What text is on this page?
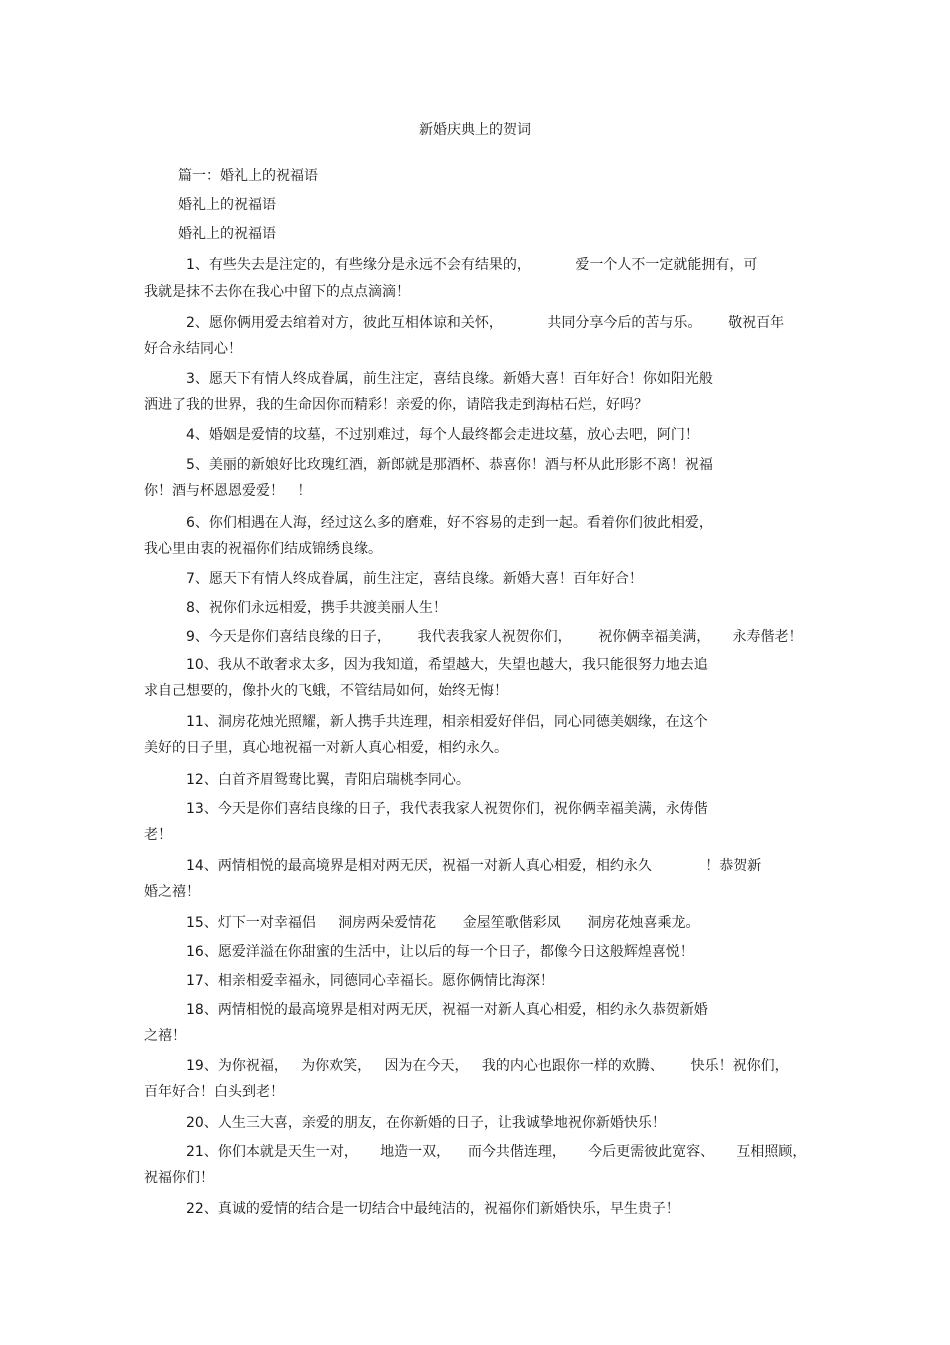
新婚庆典上的贺词
篇一：婚礼上的祝福语
婚礼上的祝福语
婚礼上的祝福语
1、有些失去是注定的，有些缘分是永远不会有结果的，          爱一个人不一定就能拥有，可
我就是抹不去你在我心中留下的点点滴滴！
2、愿你俩用爱去绾着对方，彼此互相体谅和关怀，          共同分享今后的苦与乐。      敬祝百年
好合永结同心！
3、愿天下有情人终成眷属，前生注定，喜结良缘。新婚大喜！百年好合！你如阳光般
洒进了我的世界，我的生命因你而精彩！亲爱的你，请陪我走到海枯石烂，好吗？
4、婚姻是爱情的坟墓，不过别难过，每个人最终都会走进坟墓，放心去吧，阿门！
5、美丽的新娘好比玫瑰红酒，新郎就是那酒杯、恭喜你！酒与杯从此形影不离！祝福
你！酒与杯恩恩爱爱！   ！
6、你们相遇在人海，经过这么多的磨难，好不容易的走到一起。看着你们彼此相爱，
我心里由衷的祝福你们结成锦绣良缘。
7、愿天下有情人终成眷属，前生注定，喜结良缘。新婚大喜！百年好合！
8、祝你们永远相爱，携手共渡美丽人生！
9、今天是你们喜结良缘的日子，      我代表我家人祝贺你们，      祝你俩幸福美满，     永寿偕老！
10、我从不敢奢求太多，因为我知道，希望越大，失望也越大，我只能很努力地去追
求自己想要的，像扑火的飞蛾，不管结局如何，始终无悔！
11、洞房花烛光照耀，新人携手共连理，相亲相爱好伴侣，同心同德美姻缘，在这个
美好的日子里，真心地祝福一对新人真心相爱，相约永久。
12、白首齐眉鸳鸯比翼，青阳启瑞桃李同心。
13、今天是你们喜结良缘的日子，我代表我家人祝贺你们，祝你俩幸福美满，永俦偕
老！
14、两情相悦的最高境界是相对两无厌，祝福一对新人真心相爱，相约永久            ！恭贺新
婚之禧！
15、灯下一对幸福侣     洞房两朵爱情花      金屋笙歌偕彩凤      洞房花烛喜乘龙。
16、愿爱洋溢在你甜蜜的生活中，让以后的每一个日子，都像今日这般辉煌喜悦！
17、相亲相爱幸福永，同德同心幸福长。愿你俩情比海深！
18、两情相悦的最高境界是相对两无厌，祝福一对新人真心相爱，相约永久恭贺新婚
之禧！
19、为你祝福，   为你欢笑，   因为在今天，   我的内心也跟你一样的欢腾、      快乐！祝你们，
百年好合！白头到老！
20、人生三大喜，亲爱的朋友，在你新婚的日子，让我诚挚地祝你新婚快乐！
21、你们本就是天生一对，     地造一双，    而今共偕连理，     今后更需彼此宽容、     互相照顾，
祝福你们！
22、真诚的爱情的结合是一切结合中最纯洁的，祝福你们新婚快乐，早生贵子！
